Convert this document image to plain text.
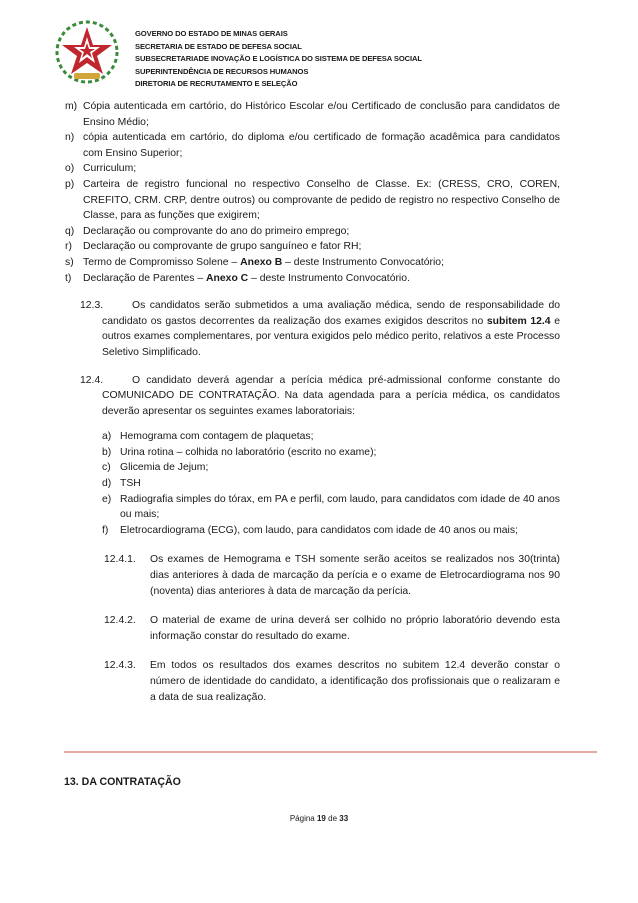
GOVERNO DO ESTADO DE MINAS GERAIS
SECRETARIA DE ESTADO DE DEFESA SOCIAL
SUBSECRETARIADE INOVAÇÃO E LOGÍSTICA DO SISTEMA DE DEFESA SOCIAL
SUPERINTENDÊNCIA DE RECURSOS HUMANOS
DIRETORIA DE RECRUTAMENTO E SELEÇÃO
m) Cópia autenticada em cartório, do Histórico Escolar e/ou Certificado de conclusão para candidatos de Ensino Médio;
n) cópia autenticada em cartório, do diploma e/ou certificado de formação acadêmica para candidatos com Ensino Superior;
o) Curriculum;
p) Carteira de registro funcional no respectivo Conselho de Classe. Ex: (CRESS, CRO, COREN, CREFITO, CRM. CRP, dentre outros) ou comprovante de pedido de registro no respectivo Conselho de Classe, para as funções que exigirem;
q) Declaração ou comprovante do ano do primeiro emprego;
r) Declaração ou comprovante de grupo sanguíneo e fator RH;
s) Termo de Compromisso Solene – Anexo B – deste Instrumento Convocatório;
t) Declaração de Parentes – Anexo C – deste Instrumento Convocatório.
12.3.	Os candidatos serão submetidos a uma avaliação médica, sendo de responsabilidade do candidato os gastos decorrentes da realização dos exames exigidos descritos no subitem 12.4 e outros exames complementares, por ventura exigidos pelo médico perito, relativos a este Processo Seletivo Simplificado.
12.4.	O candidato deverá agendar a perícia médica pré-admissional conforme constante do COMUNICADO DE CONTRATAÇÃO. Na data agendada para a perícia médica, os candidatos deverão apresentar os seguintes exames laboratoriais:
a) Hemograma com contagem de plaquetas;
b) Urina rotina – colhida no laboratório (escrito no exame);
c) Glicemia de Jejum;
d) TSH
e) Radiografia simples do tórax, em PA e perfil, com laudo, para candidatos com idade de 40 anos ou mais;
f) Eletrocardiograma (ECG), com laudo, para candidatos com idade de 40 anos ou mais;
12.4.1. Os exames de Hemograma e TSH somente serão aceitos se realizados nos 30(trinta) dias anteriores à dada de marcação da perícia e o exame de Eletrocardiograma nos 90 (noventa) dias anteriores à data de marcação da perícia.
12.4.2. O material de exame de urina deverá ser colhido no próprio laboratório devendo esta informação constar do resultado do exame.
12.4.3. Em todos os resultados dos exames descritos no subitem 12.4 deverão constar o número de identidade do candidato, a identificação dos profissionais que o realizaram e a data de sua realização.
13. DA CONTRATAÇÃO
Página 19 de 33
